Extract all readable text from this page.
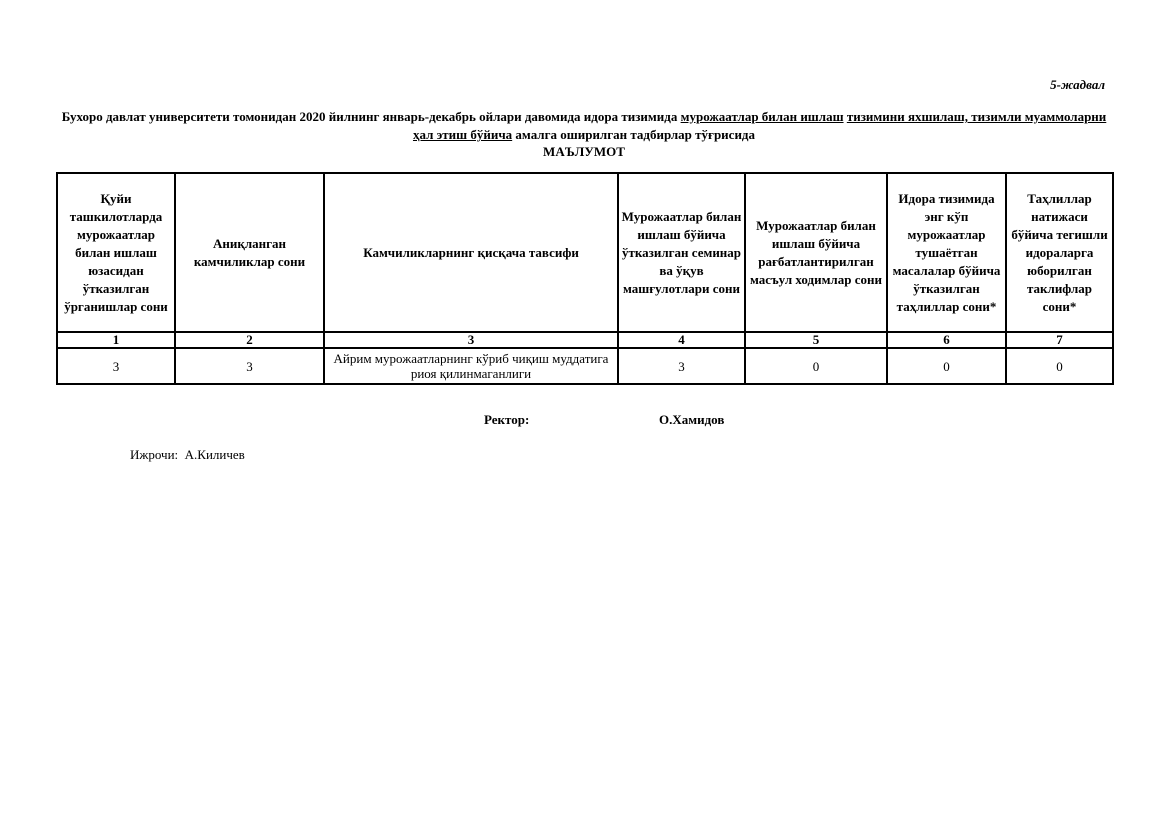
5-жадвал
Бухоро давлат университети томонидан 2020 йилнинг январь-декабрь ойлари давомида идора тизимида мурожаатлар билан ишлаш тизимини яхшилаш, тизимли муаммоларни ҳал этиш бўйича амалга оширилган тадбирлар тўғрисида
МАЪЛУМОТ
Қуйи ташкилотларда мурожаатлар билан ишлаш юзасидан ўтказилган ўрганишлар сони	Аниқланган камчиликлар сони	Камчиликларнинг қисқача тавсифи	Мурожаатлар билан ишлаш бўйича ўтказилган семинар ва ўқув машғулотлари сони	Мурожаатлар билан ишлаш бўйича рағбатлантирилган масъул ходимлар сони	Идора тизимида энг кўп мурожаатлар тушаётган масалалар бўйича ўтказилган таҳлиллар сони*	Таҳлиллар натижаси бўйича тегишли идораларга юборилган таклифлар сони*
1	2	3	4	5	6	7
3	3	Айрим мурожаатларнинг кўриб чиқиш муддатига риоя қилинмаганлиги	3	0	0	0
Ректор:	О.Хамидов
Ижрочи:  А.Киличев
